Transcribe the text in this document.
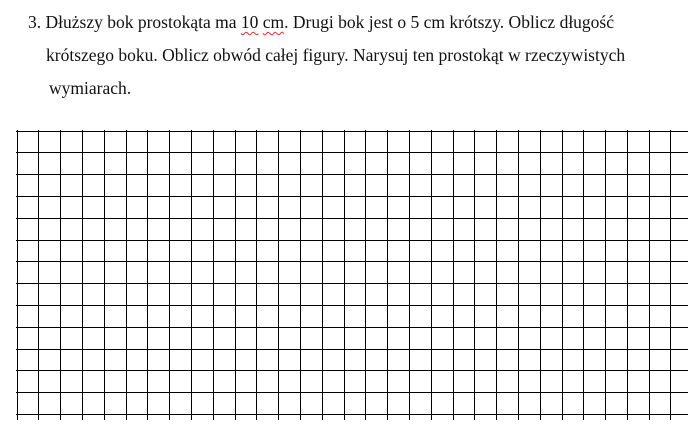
3. Dłuższy bok prostokąta ma 10 cm. Drugi bok jest o 5 cm krótszy. Oblicz długość
krótszego boku. Oblicz obwód całej figury. Narysuj ten prostokąt w rzeczywistych
wymiarach.
